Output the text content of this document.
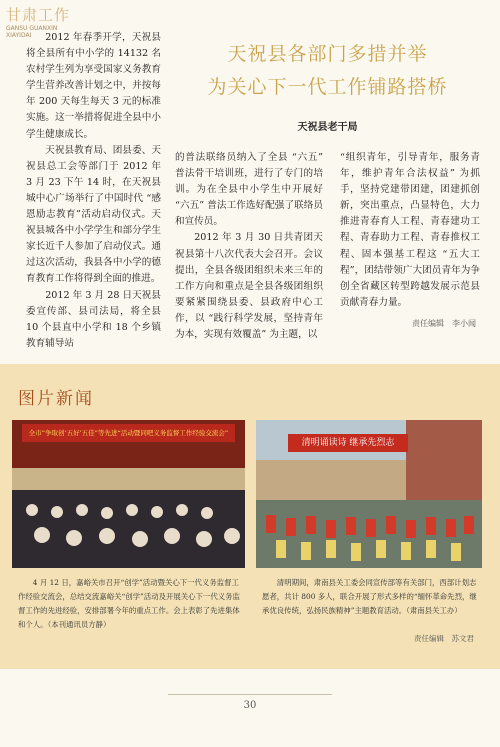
甘肃工作
GANSU GUANXIN
XIAYIDAI
天祝县各部门多措并举
为关心下一代工作铺路搭桥
天祝县老干局

2012 年春季开学，天祝县将全县所有中小学的 14132 名农村学生列为享受国家义务教育学生营养改善计划之中，并按每年 200 天每生每天 3 元的标准实施。这一举措将促进全县中小学生健康成长。

天祝县教育局、团县委、天祝县总工会等部门于 2012 年 3 月 23 下午 14 时，在天祝县城中心广场举行了中国时代 “感恩励志教育”活动启动仪式。天祝县城各中小学学生和部分学生家长近千人参加了启动仪式。通过这次活动，我县各中小学的德育教育工作将得到全面的推进。

2012 年 3 月 28 日天祝县委宣传部、县司法局，将全县 10 个县直中小学和 18 个乡镇教育辅导站

的普法联络员纳入了全县 “六五” 普法骨干培训班，进行了专门的培训。为在全县中小学生中开展好 “六五” 普法工作选好配强了联络员和宣传员。

2012 年 3 月 30 日共青团天祝县第十八次代表大会召开。会议提出，全县各级团组织未来三年的工作方向和重点是全县各级团组织要紧紧围绕县委、县政府中心工作，以 “践行科学发展，坚持青年为本，实现有效覆盖” 为主题，以

“组织青年，引导青年，服务青年，维护青年合法权益” 为抓手，坚持党建带团建，团建抓创新，突出重点，凸显特色，大力推进青春育人工程、青春建功工程、青春助力工程、青春推权工程、固本强基工程这 “五大工程”，团结带领广大团员青年为争创全省藏区转型跨越发展示范县贡献青春力量。

责任编辑　李小闻
图片新闻
全市“争取创‘五好’五佳”等先进“活动暨同吧义务监督工作经验交流会”
清明诵读诗 继承先烈志

4 月 12 日，嘉峪关市召开“创学”活动暨关心下一代义务监督工作经验交流会，总结交流嘉峪关“创学”活动及开展关心下一代义务监督工作的先进经验，安排部署今年的重点工作。会上表彰了先进集体和个人。（本刊通讯员方静）

清明期间，肃南县关工委会同宣传部等有关部门，西部计划志愿者，共计 800 多人，联合开展了形式多样的“缅怀革命先烈，继承优良传统，弘扬民族精神”主题教育活动。（肃南县关工办）

责任编辑　苏文君
30
